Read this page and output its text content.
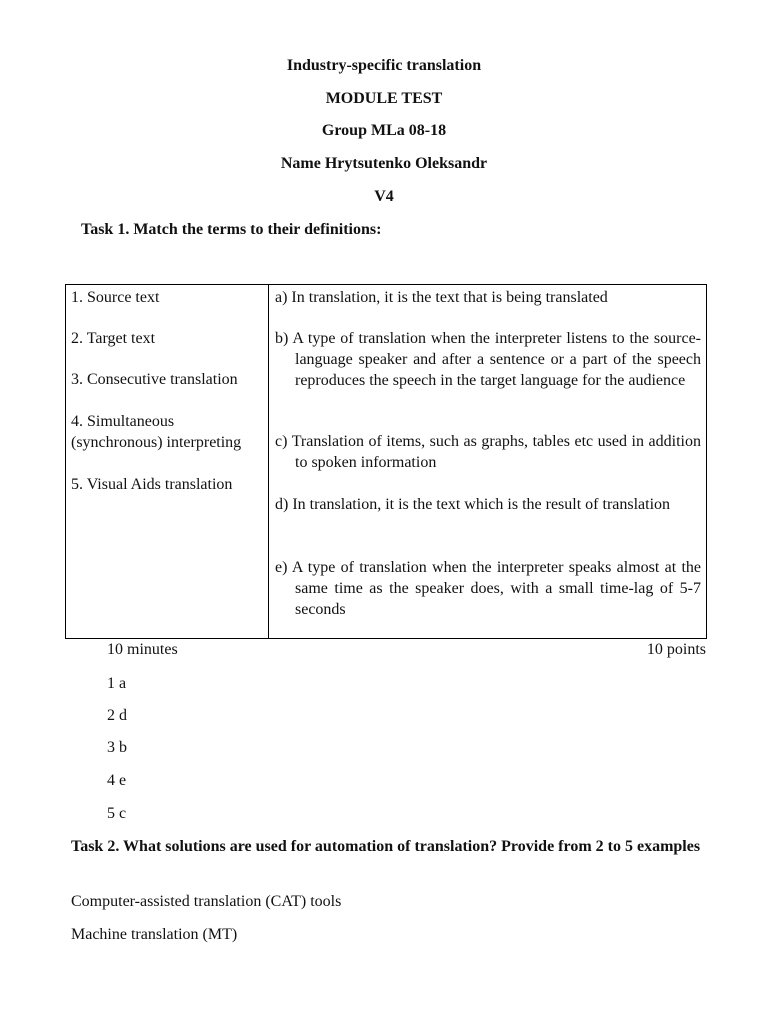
Industry-specific translation
MODULE TEST
Group MLa 08-18
Name Hrytsutenko Oleksandr
V4
Task 1. Match the terms to their definitions:
1. Source text
2. Target text
3. Consecutive translation
4. Simultaneous (synchronous) interpreting
5. Visual Aids translation
a) In translation, it is the text that is being translated
b) A type of translation when the interpreter listens to the source-language speaker and after a sentence or a part of the speech reproduces the speech in the target language for the audience
c) Translation of items, such as graphs, tables etc used in addition to spoken information
d) In translation, it is the text which is the result of translation
e) A type of translation when the interpreter speaks almost at the same time as the speaker does, with a small time-lag of 5-7 seconds
10 minutes	10 points
1 a
2 d
3 b
4 e
5 c
Task 2. What solutions are used for automation of translation? Provide from 2 to 5 examples
Computer-assisted translation (CAT) tools
Machine translation (MT)
